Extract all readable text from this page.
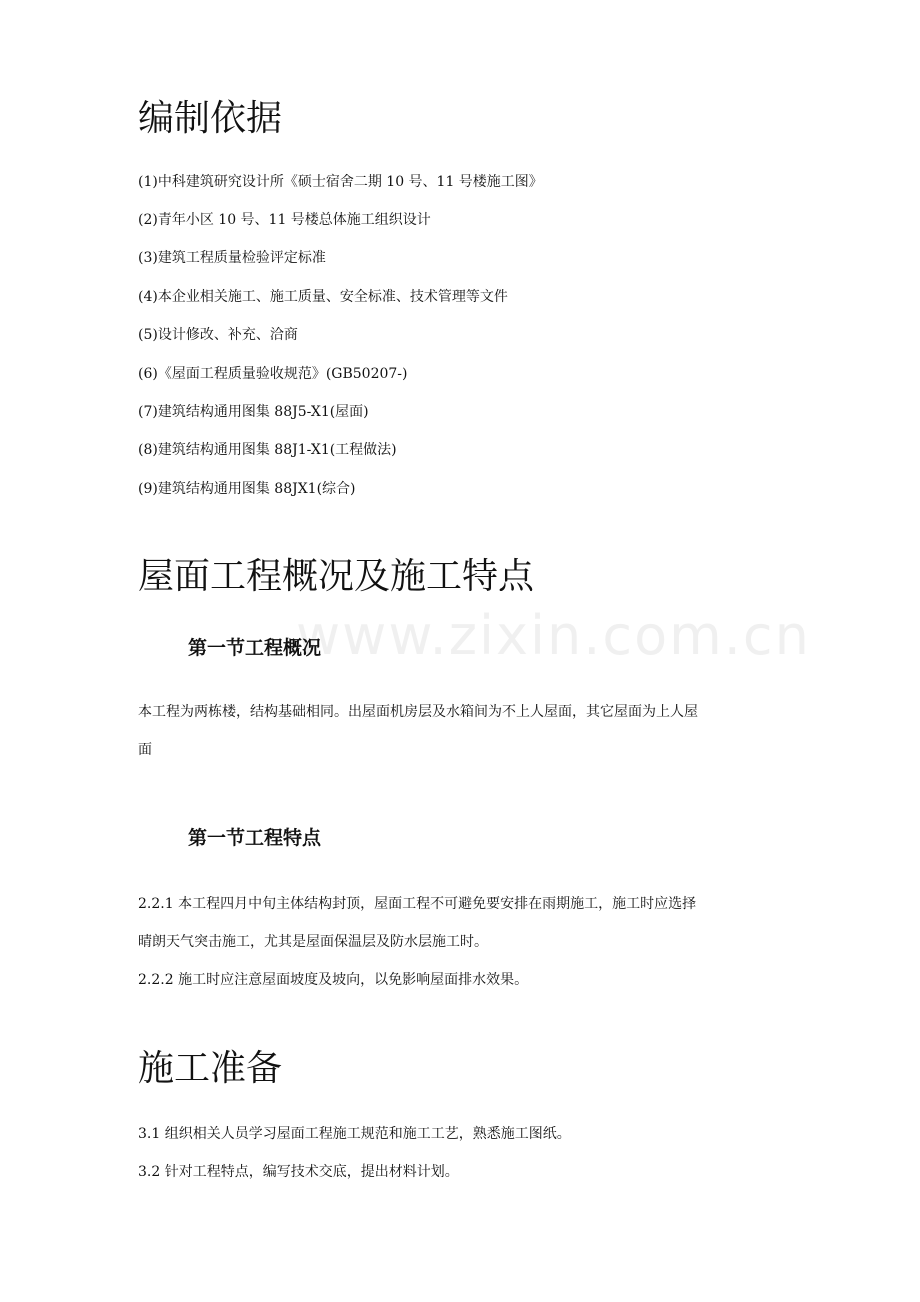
www.zixin.com.cn
编制依据
(1)中科建筑研究设计所《硕士宿舍二期 10 号、11 号楼施工图》
(2)青年小区 10 号、11 号楼总体施工组织设计
(3)建筑工程质量检验评定标准
(4)本企业相关施工、施工质量、安全标准、技术管理等文件
(5)设计修改、补充、洽商
(6)《屋面工程质量验收规范》(GB50207-)
(7)建筑结构通用图集 88J5-X1(屋面)
(8)建筑结构通用图集 88J1-X1(工程做法)
(9)建筑结构通用图集 88JX1(综合)
屋面工程概况及施工特点
第一节工程概况
本工程为两栋楼，结构基础相同。出屋面机房层及水箱间为不上人屋面，其它屋面为上人屋
面
第一节工程特点
2.2.1 本工程四月中旬主体结构封顶，屋面工程不可避免要安排在雨期施工，施工时应选择
晴朗天气突击施工，尤其是屋面保温层及防水层施工时。
2.2.2 施工时应注意屋面坡度及坡向，以免影响屋面排水效果。
施工准备
3.1 组织相关人员学习屋面工程施工规范和施工工艺，熟悉施工图纸。
3.2 针对工程特点，编写技术交底，提出材料计划。
